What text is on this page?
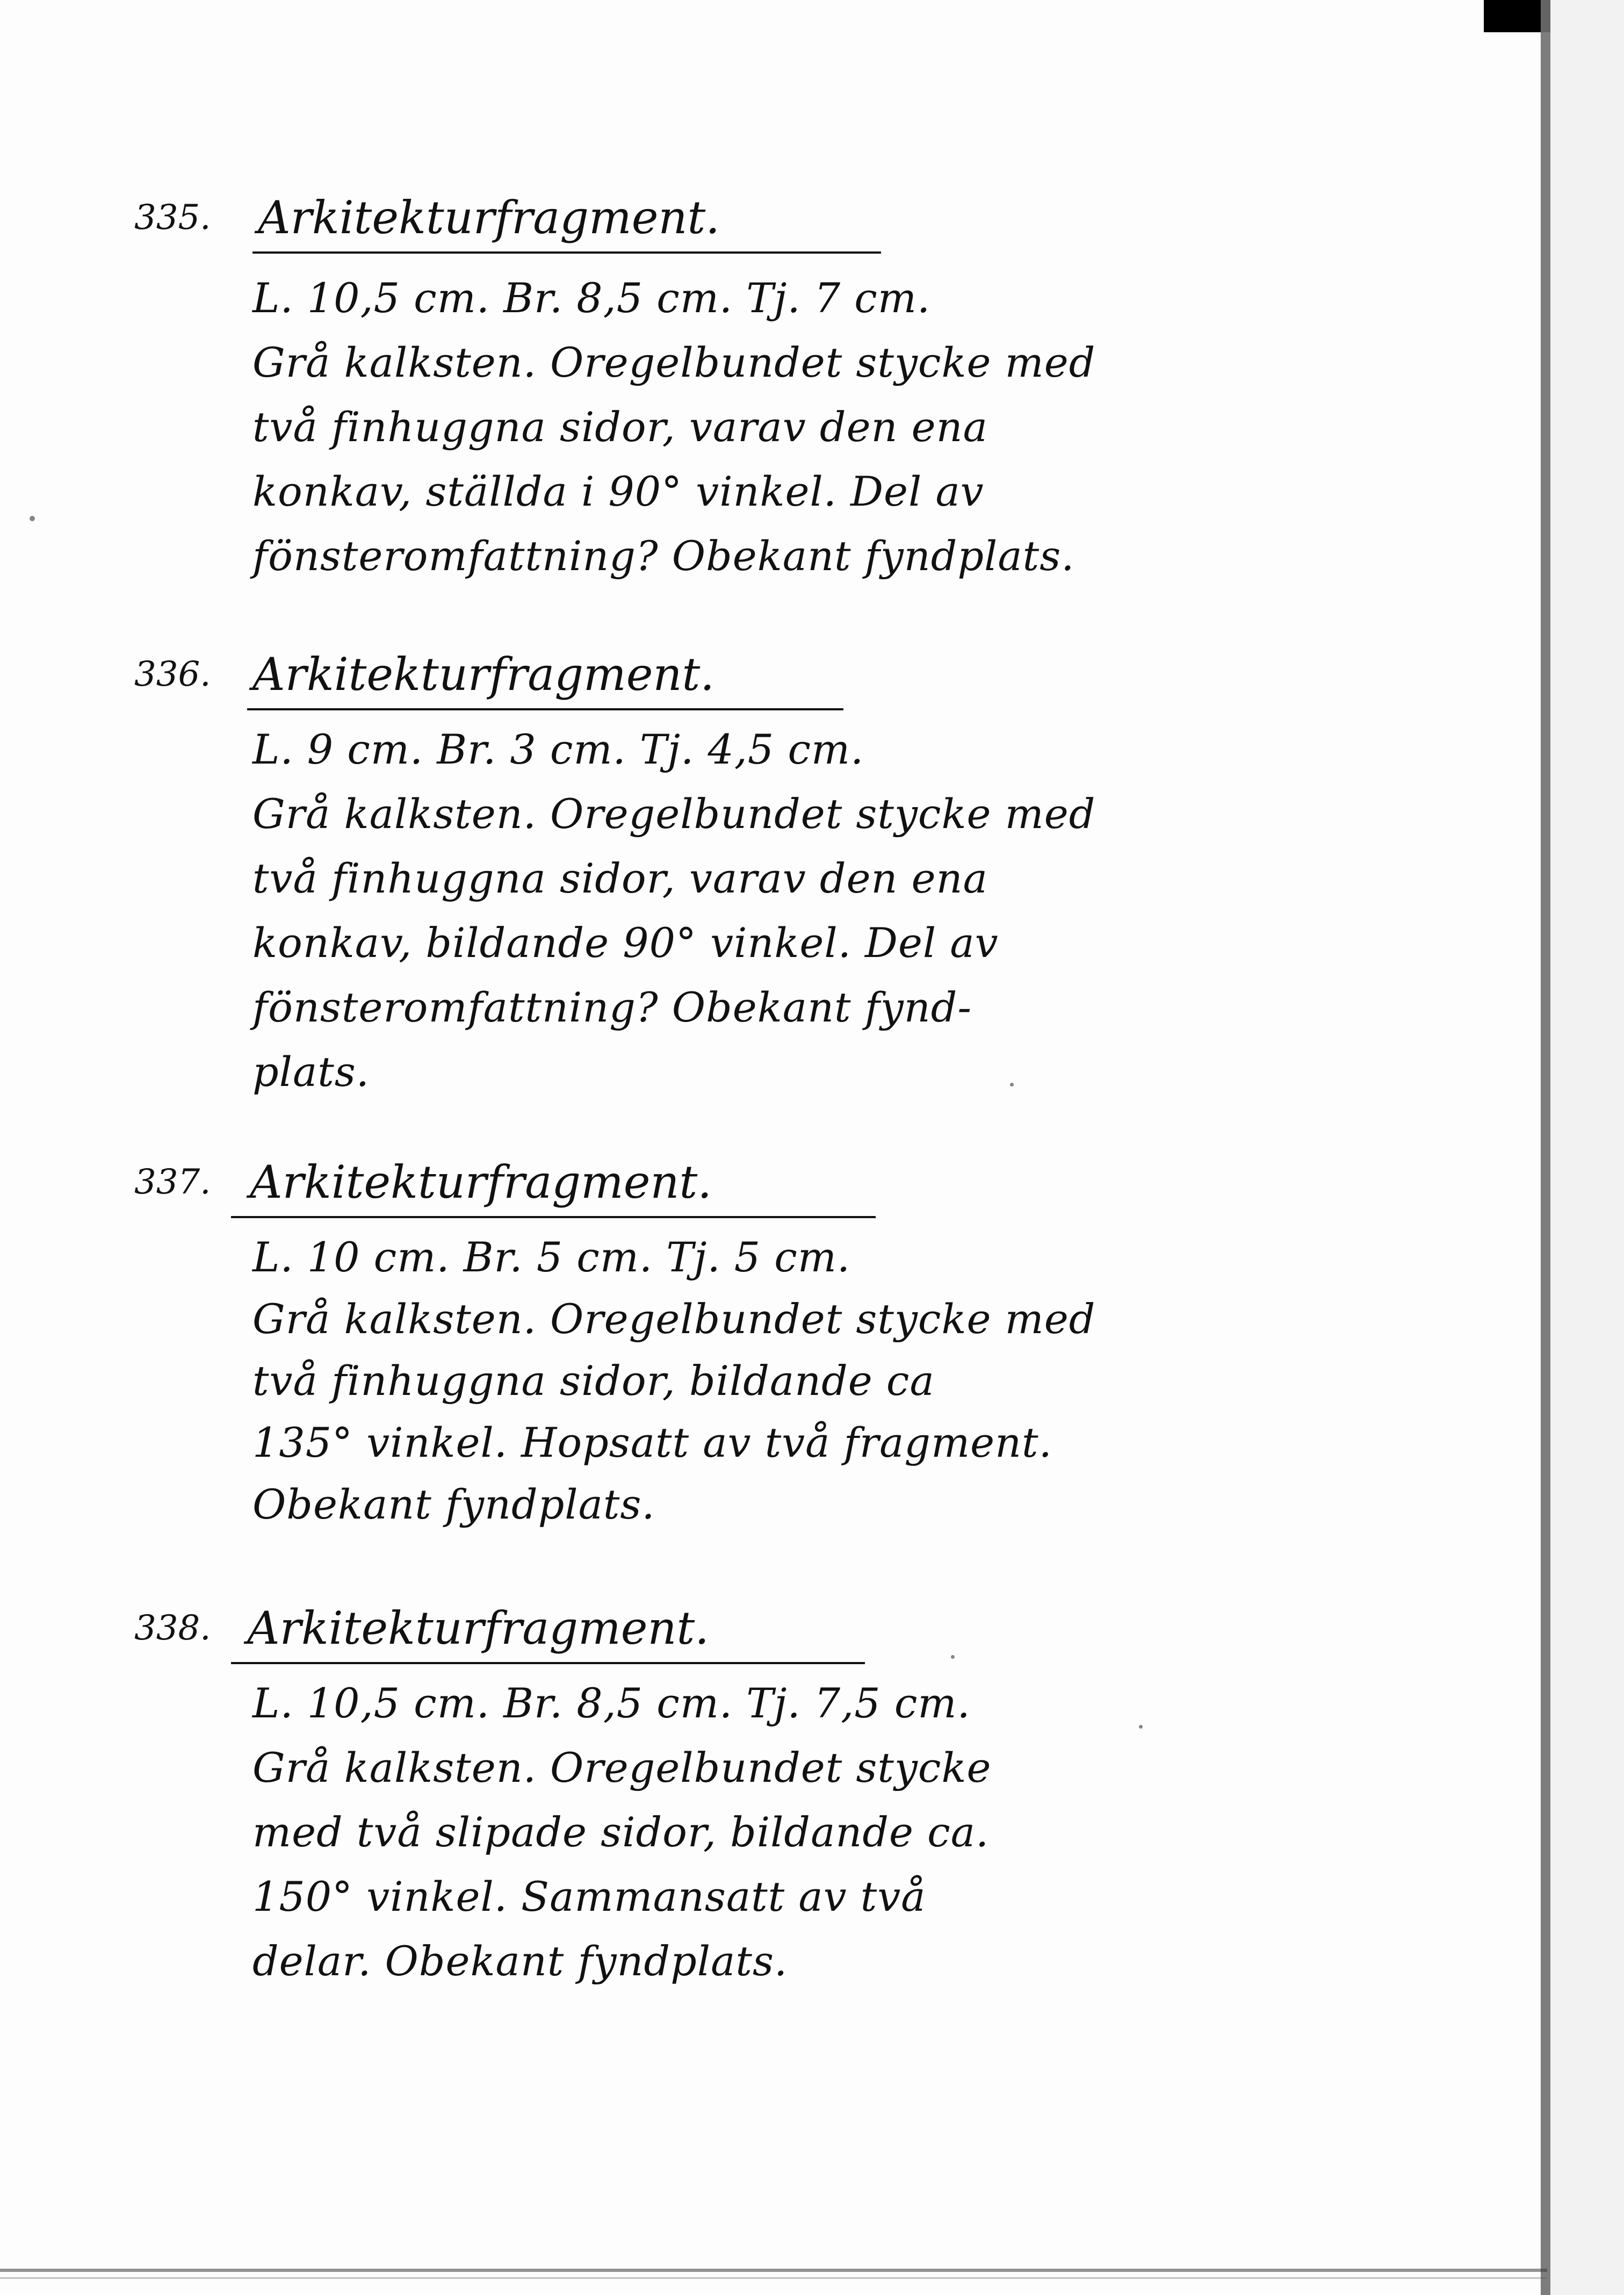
335. Arkitekturfragment.
L. 10,5 cm. Br. 8,5 cm. Tj. 7 cm.
Grå kalksten. Oregelbundet stycke med
två finhuggna sidor, varav den ena
konkav, ställda i 90° vinkel. Del av
fönsteromfattning? Obekant fyndplats.
336. Arkitekturfragment.
L. 9 cm. Br. 3 cm. Tj. 4,5 cm.
Grå kalksten. Oregelbundet stycke med
två finhuggna sidor, varav den ena
konkav, bildande 90° vinkel. Del av
fönsteromfattning? Obekant fynd-
plats.
337. Arkitekturfragment.
L. 10 cm. Br. 5 cm. Tj. 5 cm.
Grå kalksten. Oregelbundet stycke med
två finhuggna sidor, bildande ca
135° vinkel. Hopsatt av två fragment.
Obekant fyndplats.
338. Arkitekturfragment.
L. 10,5 cm. Br. 8,5 cm. Tj. 7,5 cm.
Grå kalksten. Oregelbundet stycke
med två slipade sidor, bildande ca.
150° vinkel. Sammansatt av två
delar. Obekant fyndplats.
